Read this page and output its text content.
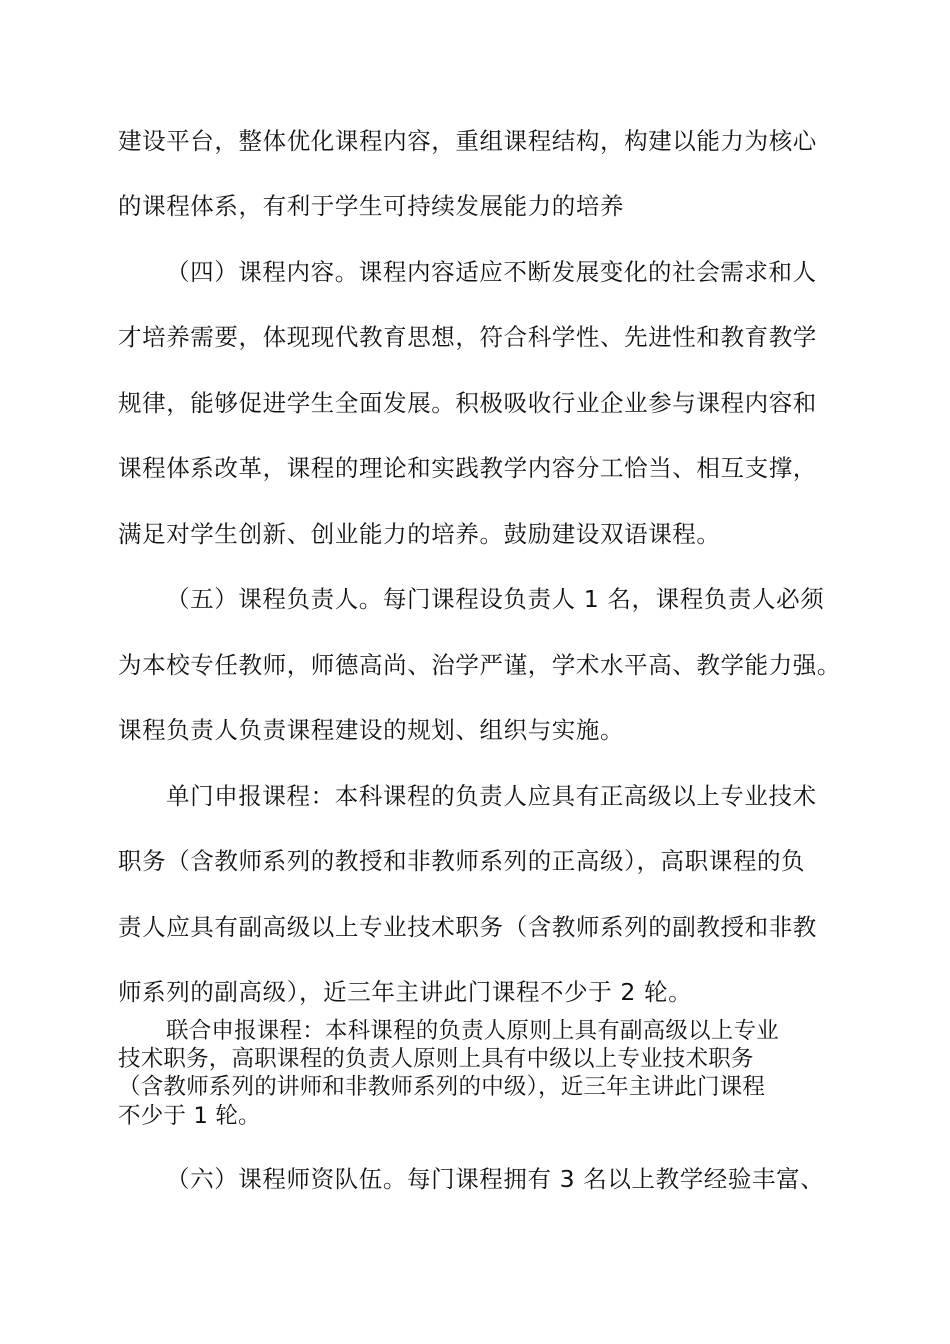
建设平台，整体优化课程内容，重组课程结构，构建以能力为核心
的课程体系，有利于学生可持续发展能力的培养
（四）课程内容。课程内容适应不断发展变化的社会需求和人
才培养需要，体现现代教育思想，符合科学性、先进性和教育教学
规律，能够促进学生全面发展。积极吸收行业企业参与课程内容和
课程体系改革，课程的理论和实践教学内容分工恰当、相互支撑，
满足对学生创新、创业能力的培养。鼓励建设双语课程。
（五）课程负责人。每门课程设负责人 1 名，课程负责人必须
为本校专任教师，师德高尚、治学严谨，学术水平高、教学能力强。
课程负责人负责课程建设的规划、组织与实施。
单门申报课程：本科课程的负责人应具有正高级以上专业技术
职务（含教师系列的教授和非教师系列的正高级），高职课程的负
责人应具有副高级以上专业技术职务（含教师系列的副教授和非教
师系列的副高级），近三年主讲此门课程不少于 2 轮。
联合申报课程：本科课程的负责人原则上具有副高级以上专业
技术职务，高职课程的负责人原则上具有中级以上专业技术职务
（含教师系列的讲师和非教师系列的中级），近三年主讲此门课程
不少于 1 轮。
（六）课程师资队伍。每门课程拥有 3 名以上教学经验丰富、
